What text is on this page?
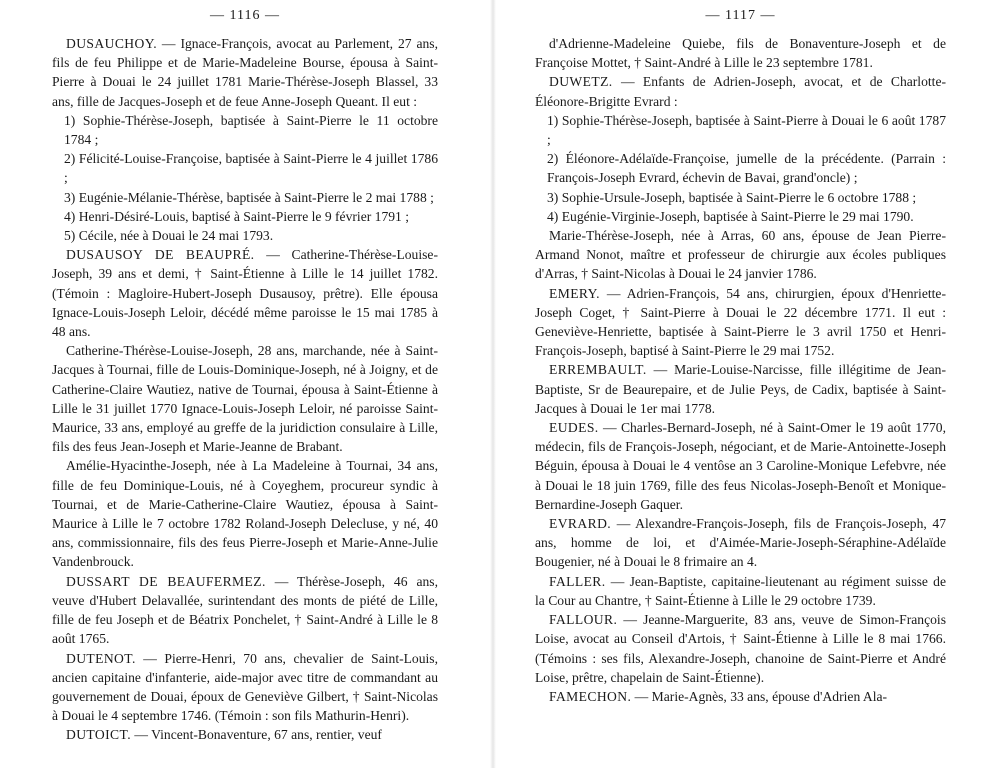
— 1116 —

DUSAUCHOY. — Ignace-François, avocat au Parlement, 27 ans, fils de feu Philippe et de Marie-Madeleine Bourse, épousa à Saint-Pierre à Douai le 24 juillet 1781 Marie-Thérèse-Joseph Blassel, 33 ans, fille de Jacques-Joseph et de feue Anne-Joseph Queant. Il eut :

1) Sophie-Thérèse-Joseph, baptisée à Saint-Pierre le 11 octobre 1784 ;

2) Félicité-Louise-Françoise, baptisée à Saint-Pierre le 4 juillet 1786 ;

3) Eugénie-Mélanie-Thérèse, baptisée à Saint-Pierre le 2 mai 1788 ;

4) Henri-Désiré-Louis, baptisé à Saint-Pierre le 9 février 1791 ;

5) Cécile, née à Douai le 24 mai 1793.

DUSAUSOY DE BEAUPRÉ. — Catherine-Thérèse-Louise-Joseph, 39 ans et demi, † Saint-Étienne à Lille le 14 juillet 1782. (Témoin : Magloire-Hubert-Joseph Dusausoy, prêtre). Elle épousa Ignace-Louis-Joseph Leloir, décédé même paroisse le 15 mai 1785 à 48 ans.

Catherine-Thérèse-Louise-Joseph, 28 ans, marchande, née à Saint-Jacques à Tournai, fille de Louis-Dominique-Joseph, né à Joigny, et de Catherine-Claire Wautiez, native de Tournai, épousa à Saint-Étienne à Lille le 31 juillet 1770 Ignace-Louis-Joseph Leloir, né paroisse Saint-Maurice, 33 ans, employé au greffe de la juridiction consulaire à Lille, fils des feus Jean-Joseph et Marie-Jeanne de Brabant.

Amélie-Hyacinthe-Joseph, née à La Madeleine à Tournai, 34 ans, fille de feu Dominique-Louis, né à Coyeghem, procureur syndic à Tournai, et de Marie-Catherine-Claire Wautiez, épousa à Saint-Maurice à Lille le 7 octobre 1782 Roland-Joseph Delecluse, y né, 40 ans, commissionnaire, fils des feus Pierre-Joseph et Marie-Anne-Julie Vandenbrouck.

DUSSART DE BEAUFERMEZ. — Thérèse-Joseph, 46 ans, veuve d'Hubert Delavallée, surintendant des monts de piété de Lille, fille de feu Joseph et de Béatrix Ponchelet, † Saint-André à Lille le 8 août 1765.

DUTENOT. — Pierre-Henri, 70 ans, chevalier de Saint-Louis, ancien capitaine d'infanterie, aide-major avec titre de commandant au gouvernement de Douai, époux de Geneviève Gilbert, † Saint-Nicolas à Douai le 4 septembre 1746. (Témoin : son fils Mathurin-Henri).

DUTOICT. — Vincent-Bonaventure, 67 ans, rentier, veuf

— 1117 —

d'Adrienne-Madeleine Quiebe, fils de Bonaventure-Joseph et de Françoise Mottet, † Saint-André à Lille le 23 septembre 1781.

DUWETZ. — Enfants de Adrien-Joseph, avocat, et de Charlotte-Éléonore-Brigitte Evrard :

1) Sophie-Thérèse-Joseph, baptisée à Saint-Pierre à Douai le 6 août 1787 ;

2) Éléonore-Adélaïde-Françoise, jumelle de la précédente. (Parrain : François-Joseph Evrard, échevin de Bavai, grand'oncle) ;

3) Sophie-Ursule-Joseph, baptisée à Saint-Pierre le 6 octobre 1788 ;

4) Eugénie-Virginie-Joseph, baptisée à Saint-Pierre le 29 mai 1790.

Marie-Thérèse-Joseph, née à Arras, 60 ans, épouse de Jean Pierre-Armand Nonot, maître et professeur de chirurgie aux écoles publiques d'Arras, † Saint-Nicolas à Douai le 24 janvier 1786.

EMERY. — Adrien-François, 54 ans, chirurgien, époux d'Henriette-Joseph Coget, † Saint-Pierre à Douai le 22 décembre 1771. Il eut : Geneviève-Henriette, baptisée à Saint-Pierre le 3 avril 1750 et Henri-François-Joseph, baptisé à Saint-Pierre le 29 mai 1752.

ERREMBAULT. — Marie-Louise-Narcisse, fille illégitime de Jean-Baptiste, Sr de Beaurepaire, et de Julie Peys, de Cadix, baptisée à Saint-Jacques à Douai le 1er mai 1778.

EUDES. — Charles-Bernard-Joseph, né à Saint-Omer le 19 août 1770, médecin, fils de François-Joseph, négociant, et de Marie-Antoinette-Joseph Béguin, épousa à Douai le 4 ventôse an 3 Caroline-Monique Lefebvre, née à Douai le 18 juin 1769, fille des feus Nicolas-Joseph-Benoît et Monique-Bernardine-Joseph Gaquer.

EVRARD. — Alexandre-François-Joseph, fils de François-Joseph, 47 ans, homme de loi, et d'Aimée-Marie-Joseph-Séraphine-Adélaïde Bougenier, né à Douai le 8 frimaire an 4.

FALLER. — Jean-Baptiste, capitaine-lieutenant au régiment suisse de la Cour au Chantre, † Saint-Étienne à Lille le 29 octobre 1739.

FALLOUR. — Jeanne-Marguerite, 83 ans, veuve de Simon-François Loise, avocat au Conseil d'Artois, † Saint-Étienne à Lille le 8 mai 1766. (Témoins : ses fils, Alexandre-Joseph, chanoine de Saint-Pierre et André Loise, prêtre, chapelain de Saint-Étienne).

FAMECHON. — Marie-Agnès, 33 ans, épouse d'Adrien Ala-
